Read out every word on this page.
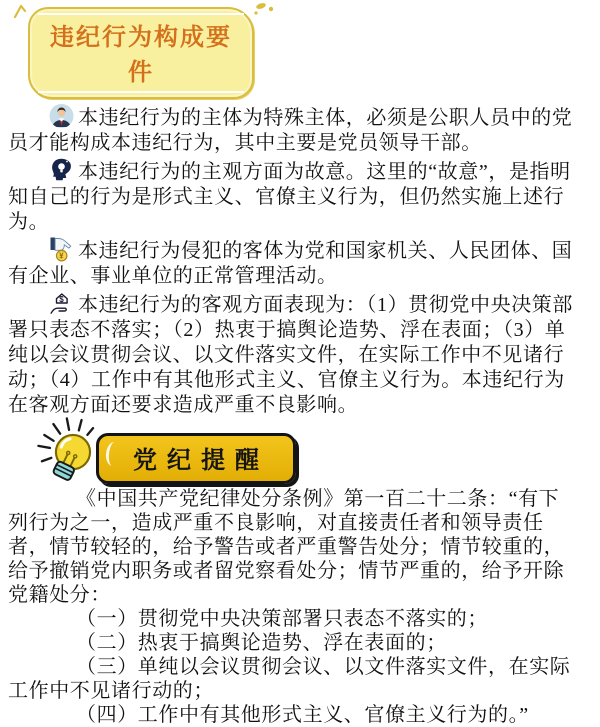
违纪行为构成要件

本违纪行为的主体为特殊主体，必须是公职人员中的党员才能构成本违纪行为，其中主要是党员领导干部。

本违纪行为的主观方面为故意。这里的“故意”，是指明知自己的行为是形式主义、官僚主义行为，但仍然实施上述行为。

¥ 本违纪行为侵犯的客体为党和国家机关、人民团体、国有企业、事业单位的正常管理活动。

$ 本违纪行为的客观方面表现为：（1）贯彻党中央决策部署只表态不落实；（2）热衷于搞舆论造势、浮在表面；（3）单纯以会议贯彻会议、以文件落实文件，在实际工作中不见诸行动；（4）工作中有其他形式主义、官僚主义行为。本违纪行为在客观方面还要求造成严重不良影响。

党纪提醒

《中国共产党纪律处分条例》第一百二十二条：“有下列行为之一，造成严重不良影响，对直接责任者和领导责任者，情节较轻的，给予警告或者严重警告处分；情节较重的，给予撤销党内职务或者留党察看处分；情节严重的，给予开除党籍处分：

（一）贯彻党中央决策部署只表态不落实的；

（二）热衷于搞舆论造势、浮在表面的；

（三）单纯以会议贯彻会议、以文件落实文件，在实际工作中不见诸行动的；

（四）工作中有其他形式主义、官僚主义行为的。”
